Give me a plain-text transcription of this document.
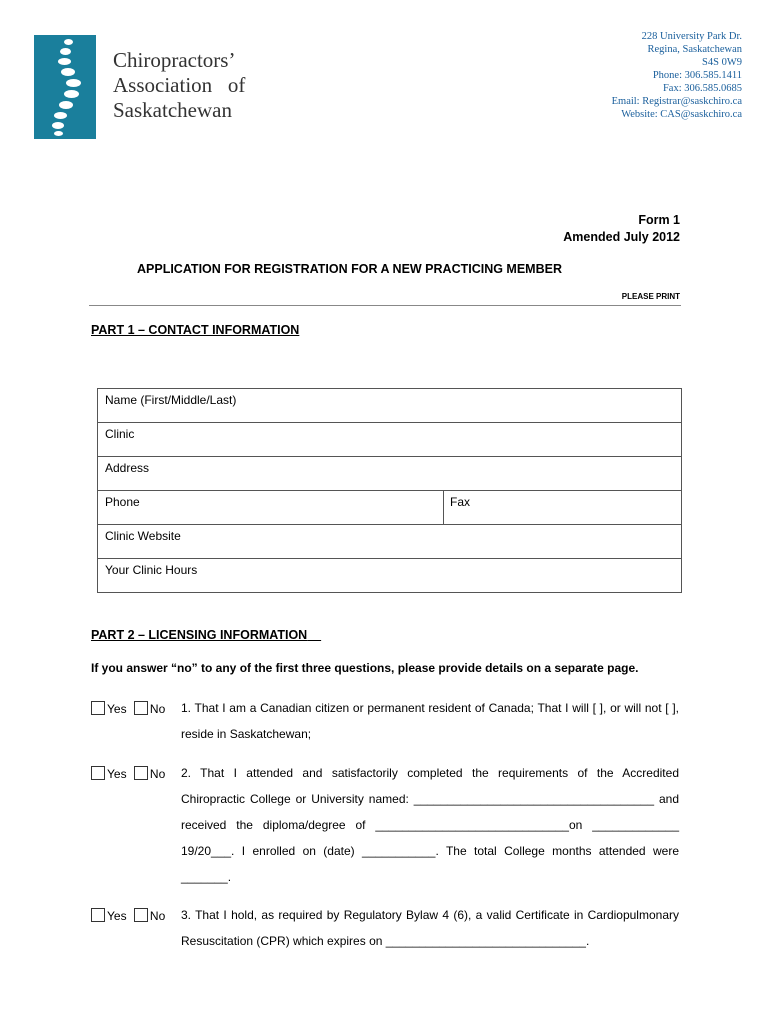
Chiropractors’
Association   of
Saskatchewan
228 University Park Dr.
Regina, Saskatchewan
S4S 0W9
Phone: 306.585.1411
Fax: 306.585.0685
Email: Registrar@saskchiro.ca
Website: CAS@saskchiro.ca
Form 1
Amended July 2012
APPLICATION FOR REGISTRATION FOR A NEW PRACTICING MEMBER
PLEASE PRINT
PART 1 – CONTACT INFORMATION
Name (First/Middle/Last)
Clinic
Address
Phone	Fax
Clinic Website
Your Clinic Hours
PART 2 – LICENSING INFORMATION
If you answer “no” to any of the first three questions, please provide details on a separate page.
Yes No 1. That I am a Canadian citizen or permanent resident of Canada; That I will [ ], or will not [ ], reside in Saskatchewan;
Yes No 2. That I attended and satisfactorily completed the requirements of the Accredited Chiropractic College or University named: ____________________________________ and received the diploma/degree of _____________________________on _____________ 19/20___. I enrolled on (date) ___________. The total College months attended were _______.
Yes No 3. That I hold, as required by Regulatory Bylaw 4 (6), a valid Certificate in Cardiopulmonary Resuscitation (CPR) which expires on ______________________________.
